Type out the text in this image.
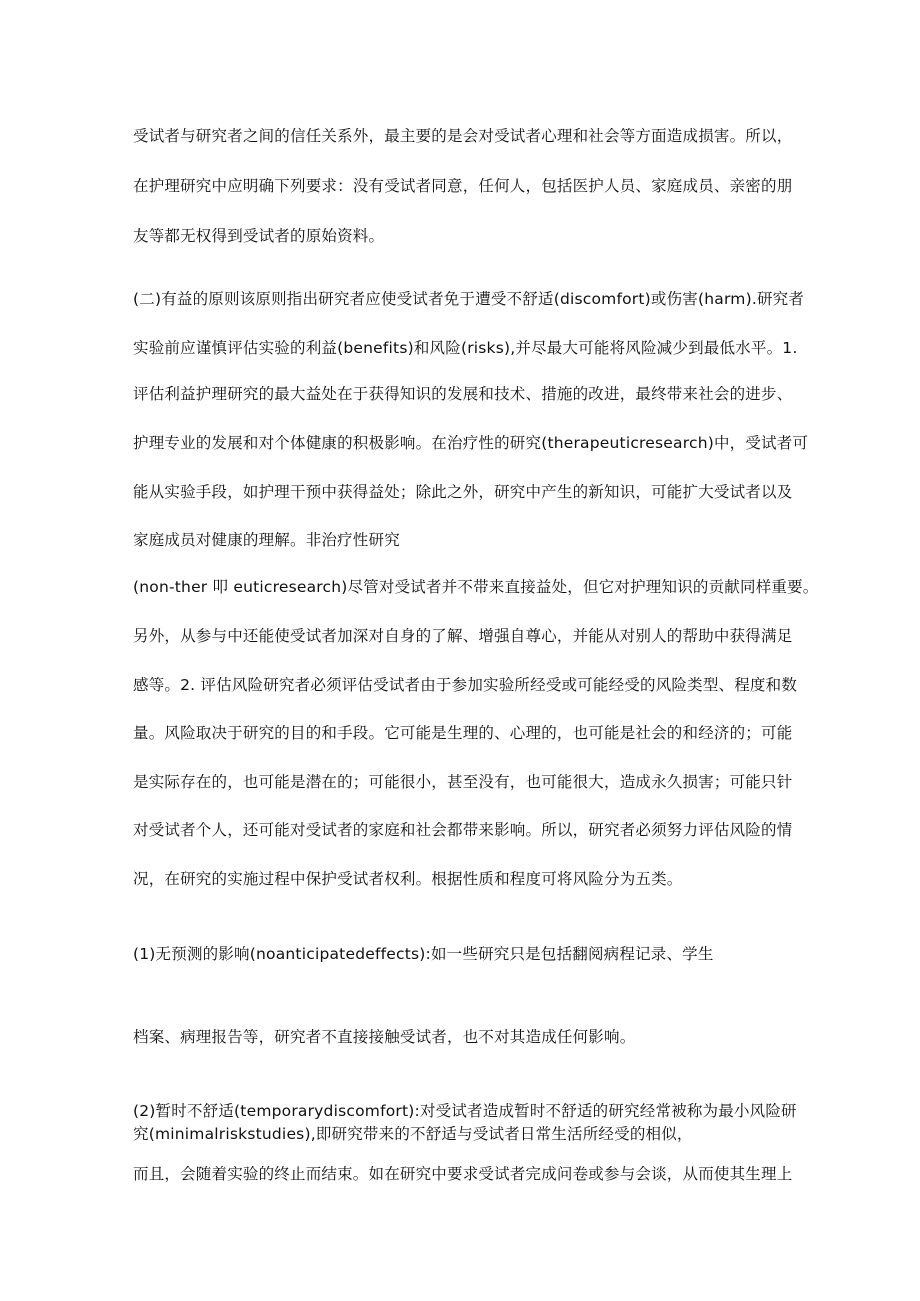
受试者与研究者之间的信任关系外，最主要的是会对受试者心理和社会等方面造成损害。所以，
在护理研究中应明确下列要求：没有受试者同意，任何人，包括医护人员、家庭成员、亲密的朋
友等都无权得到受试者的原始资料。
(二)有益的原则该原则指出研究者应使受试者免于遭受不舒适(discomfort)或伤害(harm).研究者
实验前应谨慎评估实验的利益(benefits)和风险(risks),并尽最大可能将风险减少到最低水平。1.
评估利益护理研究的最大益处在于获得知识的发展和技术、措施的改进，最终带来社会的进步、
护理专业的发展和对个体健康的积极影响。在治疗性的研究(therapeuticresearch)中，受试者可
能从实验手段，如护理干预中获得益处；除此之外，研究中产生的新知识，可能扩大受试者以及
家庭成员对健康的理解。非治疗性研究
(non-ther 叩 euticresearch)尽管对受试者并不带来直接益处，但它对护理知识的贡献同样重要。
另外，从参与中还能使受试者加深对自身的了解、增强自尊心，并能从对别人的帮助中获得满足
感等。2. 评估风险研究者必须评估受试者由于参加实验所经受或可能经受的风险类型、程度和数
量。风险取决于研究的目的和手段。它可能是生理的、心理的，也可能是社会的和经济的；可能
是实际存在的，也可能是潜在的；可能很小，甚至没有，也可能很大，造成永久损害；可能只针
对受试者个人，还可能对受试者的家庭和社会都带来影响。所以，研究者必须努力评估风险的情
况，在研究的实施过程中保护受试者权利。根据性质和程度可将风险分为五类。
(1)无预测的影响(noanticipatedeffects):如一些研究只是包括翻阅病程记录、学生
档案、病理报告等，研究者不直接接触受试者，也不对其造成任何影响。
(2)暂时不舒适(temporarydiscomfort):对受试者造成暂时不舒适的研究经常被称为最小风险研
究(minimalriskstudies),即研究带来的不舒适与受试者日常生活所经受的相似，
而且，会随着实验的终止而结束。如在研究中要求受试者完成问卷或参与会谈，从而使其生理上
